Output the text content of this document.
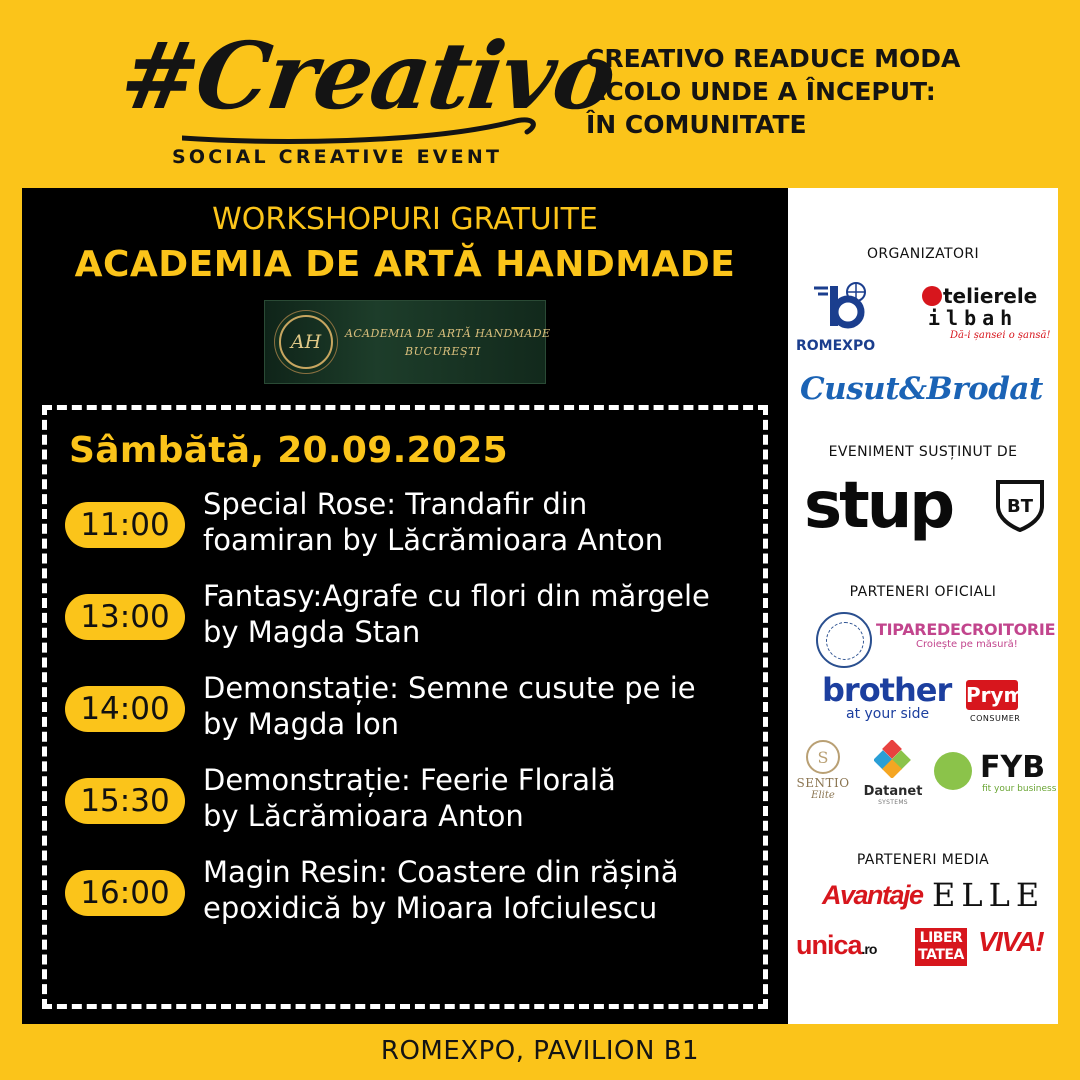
#Creativo
SOCIAL CREATIVE EVENT
CREATIVO READUCE MODA
ACOLO UNDE A ÎNCEPUT:
ÎN COMUNITATE
WORKSHOPURI GRATUITE
ACADEMIA DE ARTĂ HANDMADE
AH	ACADEMIA DE ARTĂ HANDMADE
BUCUREȘTI
Sâmbătă, 20.09.2025
11:00
Special Rose: Trandafir din
foamiran by Lăcrămioara Anton
13:00
Fantasy:Agrafe cu flori din mărgele
by Magda Stan
14:00
Demonstație: Semne cusute pe ie
by Magda Ion
15:30
Demonstrație: Feerie Florală
by Lăcrămioara Anton
16:00
Magin Resin: Coastere din rășină
epoxidică by Mioara Iofciulescu
ORGANIZATORI
ROMEXPO
telierele
ilbah
Dă-i șansei o șansă!
Cusut&Brodat
EVENIMENT SUSȚINUT DE
stup	BT
PARTENERI OFICIALI
TIPAREDECROITORIE
Croiește pe măsură!
brother
at your side
Prym
CONSUMER
S
SENTIO
Elite	Datanet
SYSTEMS
FYB
fit your business
PARTENERI MEDIA
Avantaje ELLE
unica.ro
LIBER
TATEA VIVA!
ROMEXPO, PAVILION B1
